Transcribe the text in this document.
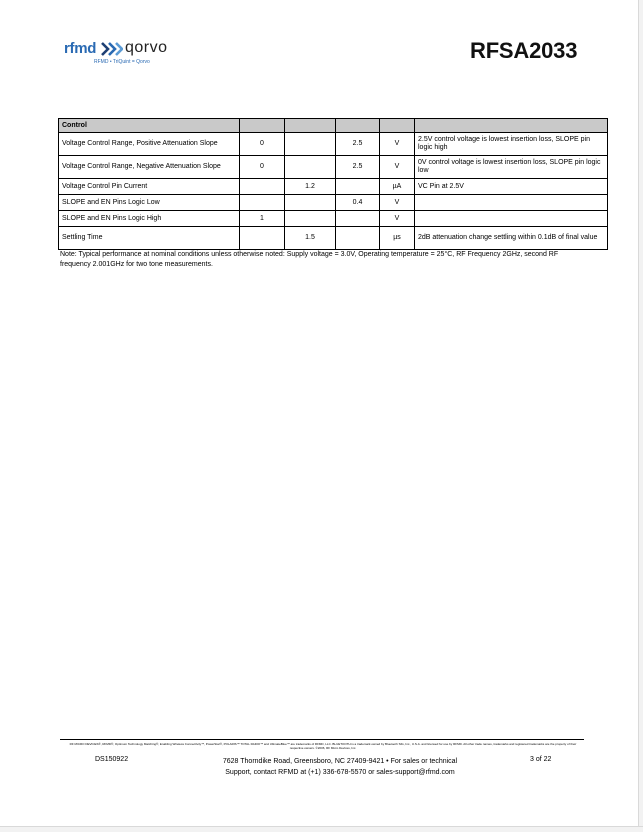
rfmd qorvo
RFMD • TriQuint = Qorvo	RFSA2033
Control					
Voltage Control Range, Positive Attenuation Slope	0		2.5	V	2.5V control voltage is lowest insertion loss, SLOPE pin logic high
Voltage Control Range, Negative Attenuation Slope	0		2.5	V	0V control voltage is lowest insertion loss, SLOPE pin logic low
Voltage Control Pin Current		1.2		µA	VC Pin at 2.5V
SLOPE and EN Pins Logic Low			0.4	V	
SLOPE and EN Pins Logic High	1			V	
Settling Time		1.5		µs	2dB attenuation change settling within 0.1dB of final value
Note: Typical performance at nominal conditions unless otherwise noted: Supply voltage = 3.0V, Operating temperature = 25°C, RF Frequency 2GHz, second RF frequency 2.001GHz for two tone measurements.
RF MICRO DEVICES®, RFMD®, Optimum Technology Matching®, Enabling Wireless Connectivity™, PowerStar®, POLARIS™ TOTAL RADIO™ and UltimateBlue™ are trademarks of RFMD, LLC. BLUETOOTH is a trademark owned by Bluetooth SIG, Inc., U.S.A. and licensed for use by RFMD. All other trade names, trademarks and registered trademarks are the property of their respective owners. ©2006, RF Micro Devices, Inc.
DS150922	7628 Thorndike Road, Greensboro, NC 27409-9421 • For sales or technical
Support, contact RFMD at (+1) 336-678-5570 or sales-support@rfmd.com
3 of 22
